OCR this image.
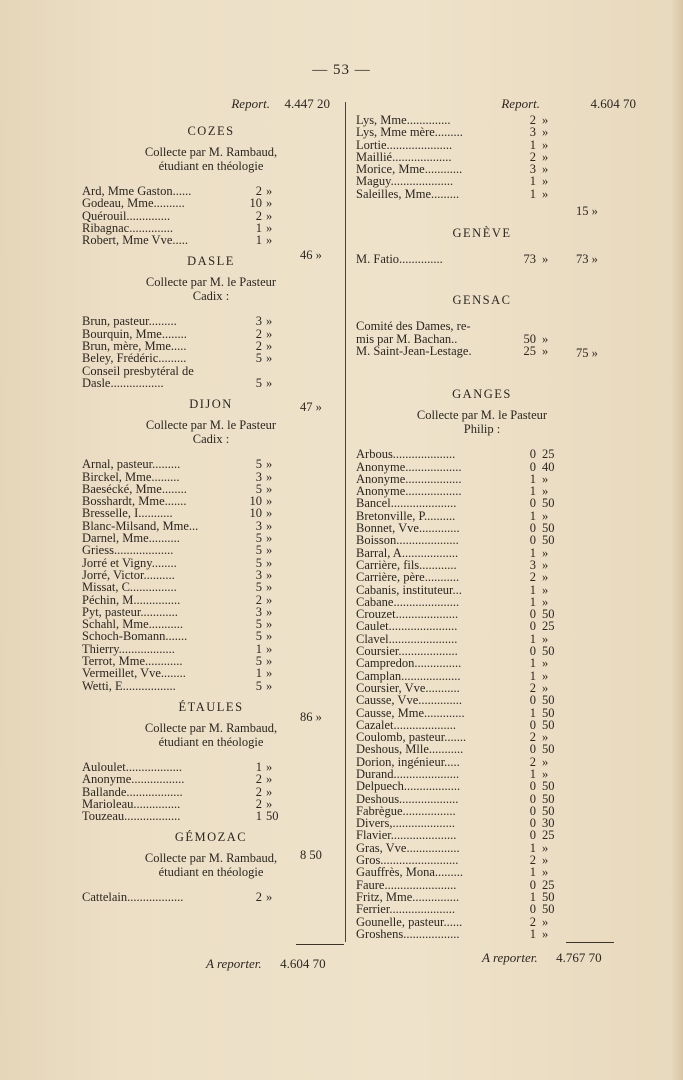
— 53 —
Report. 4.447 20
COZES
Collecte par M. Rambaud,
étudiant en théologie
Ard, Mme Gaston......	2 »
Godeau, Mme..........	10 »
Quérouil..............	2 »
Ribagnac..............	1 »
Robert, Mme Vve.....	1 »
DASLE
Collecte par M. le Pasteur
Cadix :
Brun, pasteur.........	3 »
Bourquin, Mme........	2 »
Brun, mère, Mme.....	2 »
Beley, Frédéric.........	5 »
Conseil presbytéral de
Dasle.................	5 »
DIJON
Collecte par M. le Pasteur
Cadix :
Arnal, pasteur.........	5 »
Birckel, Mme.........	3 »
Baesécké, Mme........	5 »
Bosshardt, Mme.......	10 »
Bresselle, I...........	10 »
Blanc-Milsand, Mme...	3 »
Darnel, Mme..........	5 »
Griess...................	5 »
Jorré et Vigny........	5 »
Jorré, Victor..........	3 »
Missat, C...............	5 »
Péchin, M...............	2 »
Pyt, pasteur............	3 »
Schahl, Mme...........	5 »
Schoch-Bomann.......	5 »
Thierry..................	1 »
Terrot, Mme............	5 »
Vermeillet, Vve........	1 »
Wetti, E.................	5 »
ÉTAULES
Collecte par M. Rambaud,
étudiant en théologie
Auloulet..................	1 »
Anonyme.................	2 »
Ballande..................	2 »
Marioleau...............	2 »
Touzeau..................	1 50
GÉMOZAC
Collecte par M. Rambaud,
étudiant en théologie
Cattelain..................	2 »
Report.	4.604 70
Lys, Mme..............	2 »
Lys, Mme mère.........	3 »
Lortie.....................	1 »
Maillié...................	2 »
Morice, Mme............	3 »
Maguy....................	1 »
Saleilles, Mme.........	1 »
GENÈVE
M. Fatio..............	73 »
GENSAC
Comité des Dames, re-
mis par M. Bachan..	50 »
M. Saint-Jean-Lestage.	25 »
GANGES
Collecte par M. le Pasteur
Philip :
Arbous....................	0 25
Anonyme..................	0 40
Anonyme..................	1 »
Anonyme..................	1 »
Bancel.....................	0 50
Bretonville, P..........	1 »
Bonnet, Vve.............	0 50
Boisson....................	0 50
Barral, A..................	1 »
Carrière, fils............	3 »
Carrière, père...........	2 »
Cabanis, instituteur...	1 »
Cabane.....................	1 »
Crouzet....................	0 50
Caulet......................	0 25
Clavel......................	1 »
Coursier...................	0 50
Campredon...............	1 »
Camplan...................	1 »
Coursier, Vve...........	2 »
Causse, Vve..............	0 50
Causse, Mme.............	1 50
Cazalet....................	0 50
Coulomb, pasteur.......	2 »
Deshous, Mlle...........	0 50
Dorion, ingénieur.....	2 »
Durand.....................	1 »
Delpuech..................	0 50
Deshous...................	0 50
Fabrègue.................	0 50
Divers,....................	0 30
Flavier.....................	0 25
Gras, Vve.................	1 »
Gros.........................	2 »
Gauffrès, Mona.........	1 »
Faure.......................	0 25
Fritz, Mme...............	1 50
Ferrier.....................	0 50
Gounelle, pasteur......	2 »
Groshens..................	1 »
A reporter. 4.604 70	A reporter. 4.767 70
46 »
47 »
86 »
8 50
15 »
73 »
75 »
